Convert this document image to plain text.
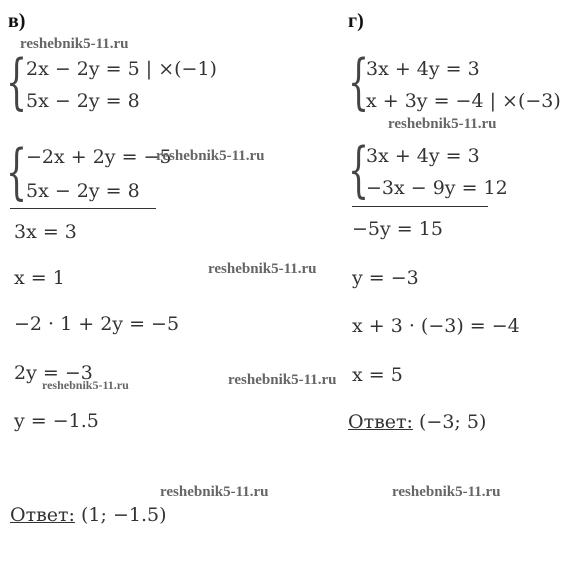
в)
reshebnik5-11.ru
{
2x − 2y = 5 | ×(−1)
5x − 2y = 8
{
−2x + 2y = −5
reshebnik5-11.ru
5x − 2y = 8
3x = 3
x = 1	reshebnik5-11.ru
−2 · 1 + 2y = −5
2y = −3
reshebnik5-11.ru	reshebnik5-11.ru
y = −1.5
reshebnik5-11.ru
Ответ: (1; −1.5)
г)
{
3x + 4y = 3
x + 3y = −4 | ×(−3)
reshebnik5-11.ru
{
3x + 4y = 3
−3x − 9y = 12
−5y = 15
y = −3
x + 3 · (−3) = −4
x = 5
Ответ: (−3; 5)
reshebnik5-11.ru
